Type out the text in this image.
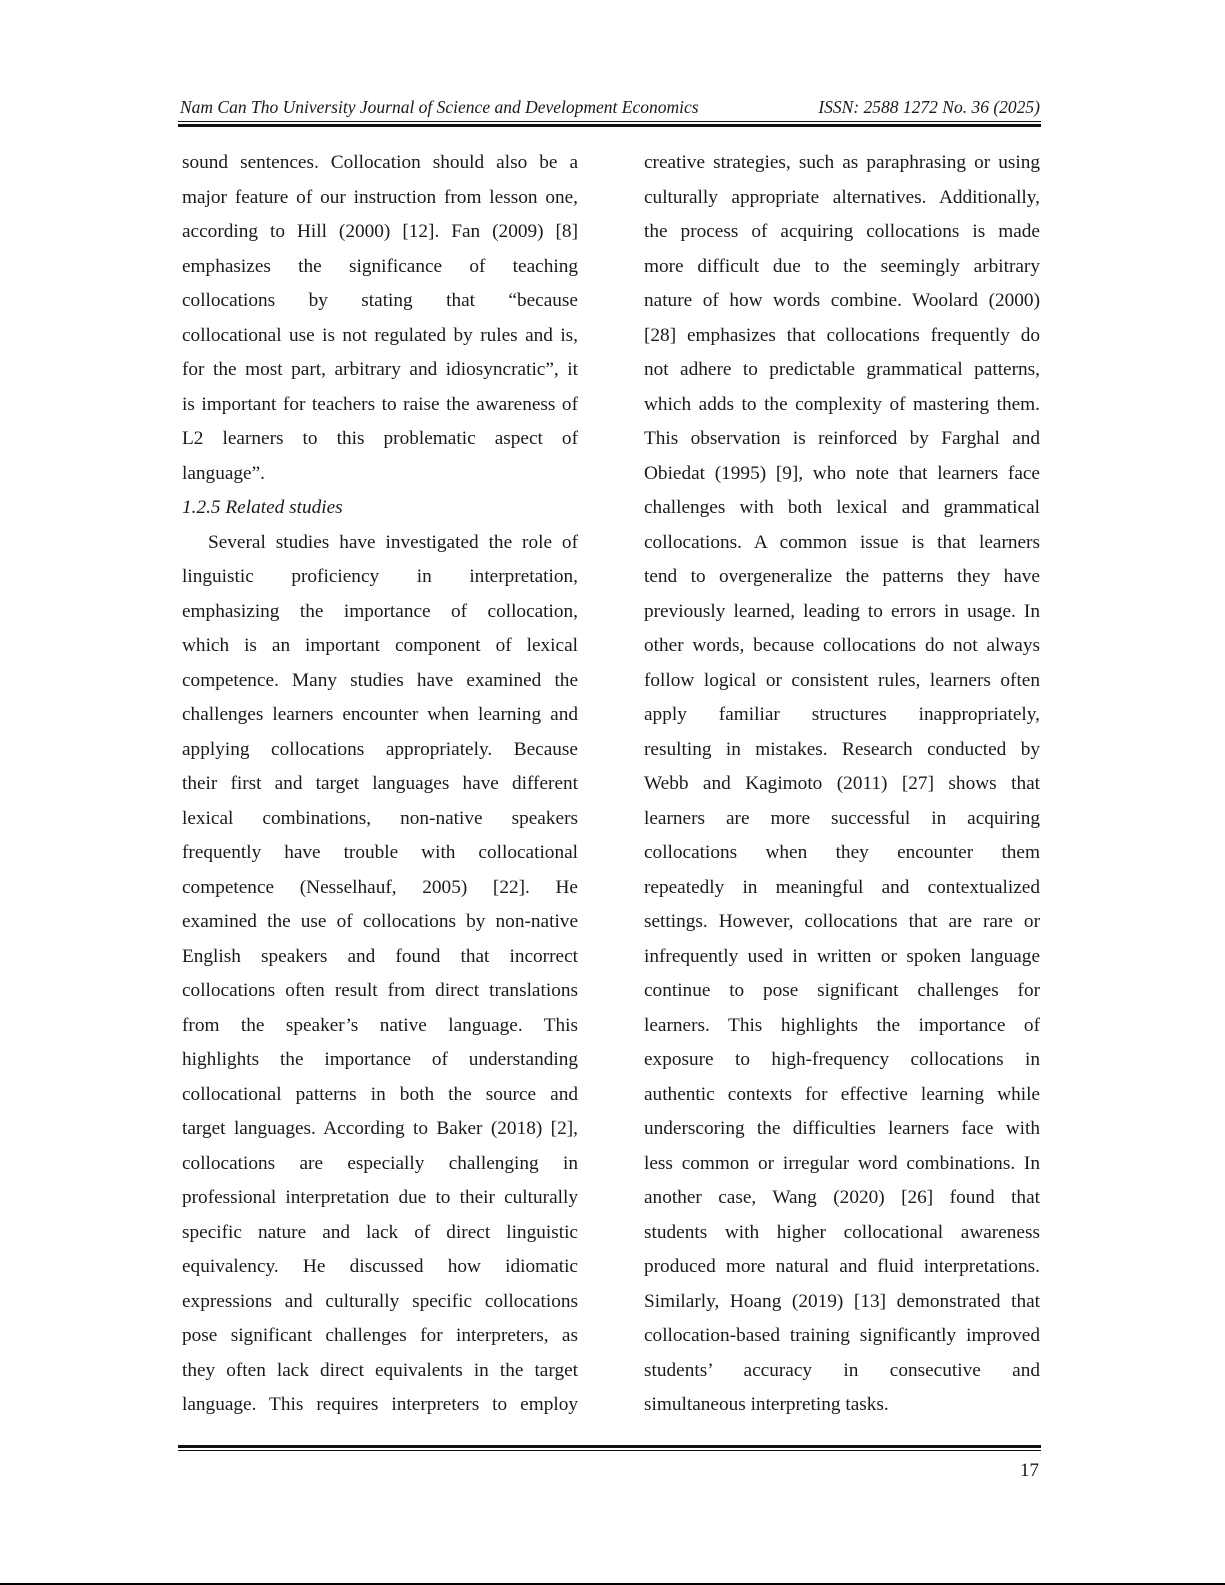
Nam Can Tho University Journal of Science and Development Economics	ISSN: 2588 1272 No. 36 (2025)
sound sentences. Collocation should also be a
major feature of our instruction from lesson one,
according to Hill (2000) [12]. Fan (2009) [8]
emphasizes the significance of teaching
collocations by stating that “because
collocational use is not regulated by rules and is,
for the most part, arbitrary and idiosyncratic”, it
is important for teachers to raise the awareness of
L2 learners to this problematic aspect of
language”.
1.2.5 Related studies
Several studies have investigated the role of
linguistic proficiency in interpretation,
emphasizing the importance of collocation,
which is an important component of lexical
competence. Many studies have examined the
challenges learners encounter when learning and
applying collocations appropriately. Because
their first and target languages have different
lexical combinations, non-native speakers
frequently have trouble with collocational
competence (Nesselhauf, 2005) [22]. He
examined the use of collocations by non-native
English speakers and found that incorrect
collocations often result from direct translations
from the speaker’s native language. This
highlights the importance of understanding
collocational patterns in both the source and
target languages. According to Baker (2018) [2],
collocations are especially challenging in
professional interpretation due to their culturally
specific nature and lack of direct linguistic
equivalency. He discussed how idiomatic
expressions and culturally specific collocations
pose significant challenges for interpreters, as
they often lack direct equivalents in the target
language. This requires interpreters to employ
creative strategies, such as paraphrasing or using
culturally appropriate alternatives. Additionally,
the process of acquiring collocations is made
more difficult due to the seemingly arbitrary
nature of how words combine. Woolard (2000)
[28] emphasizes that collocations frequently do
not adhere to predictable grammatical patterns,
which adds to the complexity of mastering them.
This observation is reinforced by Farghal and
Obiedat (1995) [9], who note that learners face
challenges with both lexical and grammatical
collocations. A common issue is that learners
tend to overgeneralize the patterns they have
previously learned, leading to errors in usage. In
other words, because collocations do not always
follow logical or consistent rules, learners often
apply familiar structures inappropriately,
resulting in mistakes. Research conducted by
Webb and Kagimoto (2011) [27] shows that
learners are more successful in acquiring
collocations when they encounter them
repeatedly in meaningful and contextualized
settings. However, collocations that are rare or
infrequently used in written or spoken language
continue to pose significant challenges for
learners. This highlights the importance of
exposure to high-frequency collocations in
authentic contexts for effective learning while
underscoring the difficulties learners face with
less common or irregular word combinations. In
another case, Wang (2020) [26] found that
students with higher collocational awareness
produced more natural and fluid interpretations.
Similarly, Hoang (2019) [13] demonstrated that
collocation-based training significantly improved
students’ accuracy in consecutive and
simultaneous interpreting tasks.
17
